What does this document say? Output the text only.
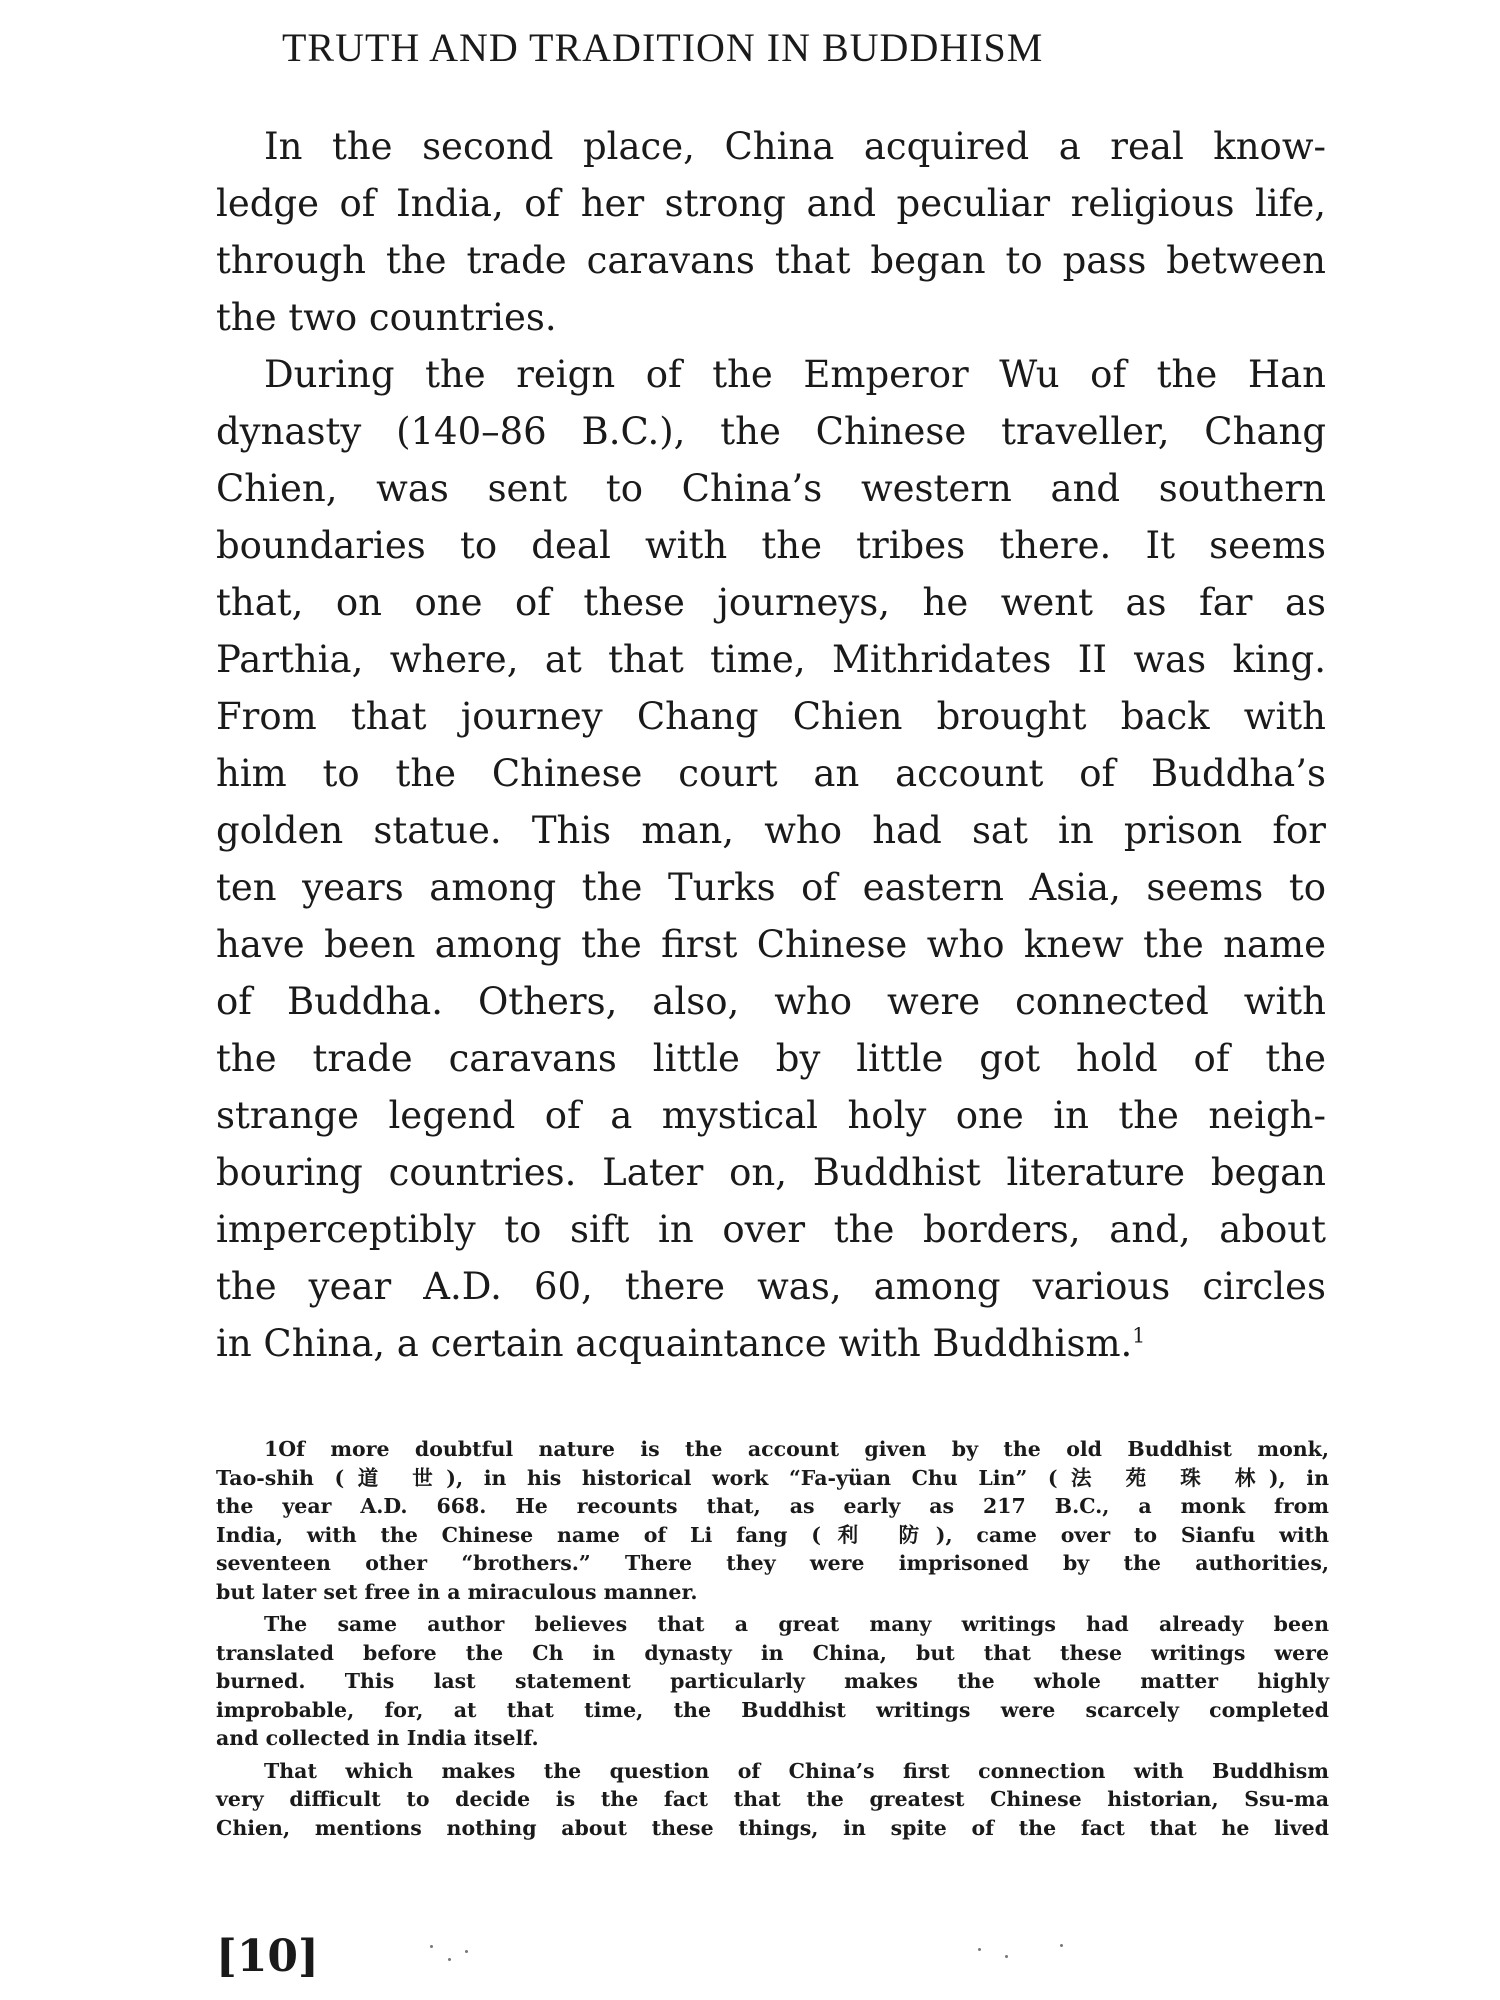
TRUTH AND TRADITION IN BUDDHISM
In the second place, China acquired a real know-
ledge of India, of her strong and peculiar religious life,
through the trade caravans that began to pass between
the two countries.
During the reign of the Emperor Wu of the Han
dynasty (140–86 B.C.), the Chinese traveller, Chang
Chien, was sent to China’s western and southern
boundaries to deal with the tribes there. It seems
that, on one of these journeys, he went as far as
Parthia, where, at that time, Mithridates II was king.
From that journey Chang Chien brought back with
him to the Chinese court an account of Buddha’s
golden statue. This man, who had sat in prison for
ten years among the Turks of eastern Asia, seems to
have been among the first Chinese who knew the name
of Buddha. Others, also, who were connected with
the trade caravans little by little got hold of the
strange legend of a mystical holy one in the neigh-
bouring countries. Later on, Buddhist literature began
imperceptibly to sift in over the borders, and, about
the year A.D. 60, there was, among various circles
in China, a certain acquaintance with Buddhism.$^1$
1Of more doubtful nature is the account given by the old Buddhist monk,
Tao-shih (道 世), in his historical work “Fa-yüan Chu Lin” (法 苑 珠 林), in
the year A.D. 668. He recounts that, as early as 217 B.C., a monk from
India, with the Chinese name of Li fang (利 防), came over to Sianfu with
seventeen other “brothers.” There they were imprisoned by the authorities,
but later set free in a miraculous manner.
The same author believes that a great many writings had already been
translated before the Ch in dynasty in China, but that these writings were
burned. This last statement particularly makes the whole matter highly
improbable, for, at that time, the Buddhist writings were scarcely completed
and collected in India itself.
That which makes the question of China’s first connection with Buddhism
very difficult to decide is the fact that the greatest Chinese historian, Ssu-ma
Chien, mentions nothing about these things, in spite of the fact that he lived
[10]
